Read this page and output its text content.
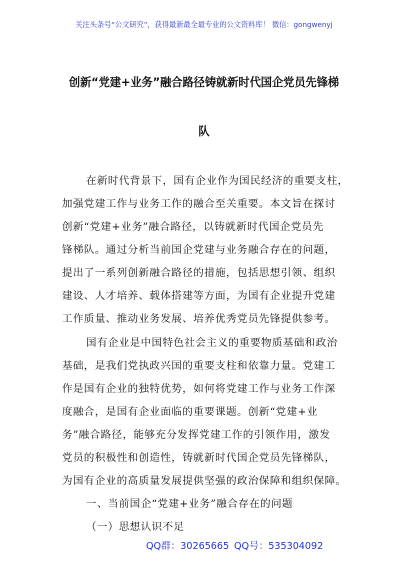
关注头条号“公文研究”，获得最新最全最专业的公文资料库！ 微信：gongwenyj
创新“党建+业务”融合路径铸就新时代国企党员先锋梯
队
在新时代背景下，国有企业作为国民经济的重要支柱，
加强党建工作与业务工作的融合至关重要。本文旨在探讨
创新“党建+业务”融合路径，以铸就新时代国企党员先
锋梯队。通过分析当前国企党建与业务融合存在的问题，
提出了一系列创新融合路径的措施，包括思想引领、组织
建设、人才培养、载体搭建等方面，为国有企业提升党建
工作质量、推动业务发展、培养优秀党员先锋提供参考。
国有企业是中国特色社会主义的重要物质基础和政治
基础，是我们党执政兴国的重要支柱和依靠力量。党建工
作是国有企业的独特优势，如何将党建工作与业务工作深
度融合，是国有企业面临的重要课题。创新“党建+业
务”融合路径，能够充分发挥党建工作的引领作用，激发
党员的积极性和创造性，铸就新时代国企党员先锋梯队，
为国有企业的高质量发展提供坚强的政治保障和组织保障。
一、当前国企“党建+业务”融合存在的问题
（一）思想认识不足
QQ群：30265665 QQ号：535304092
